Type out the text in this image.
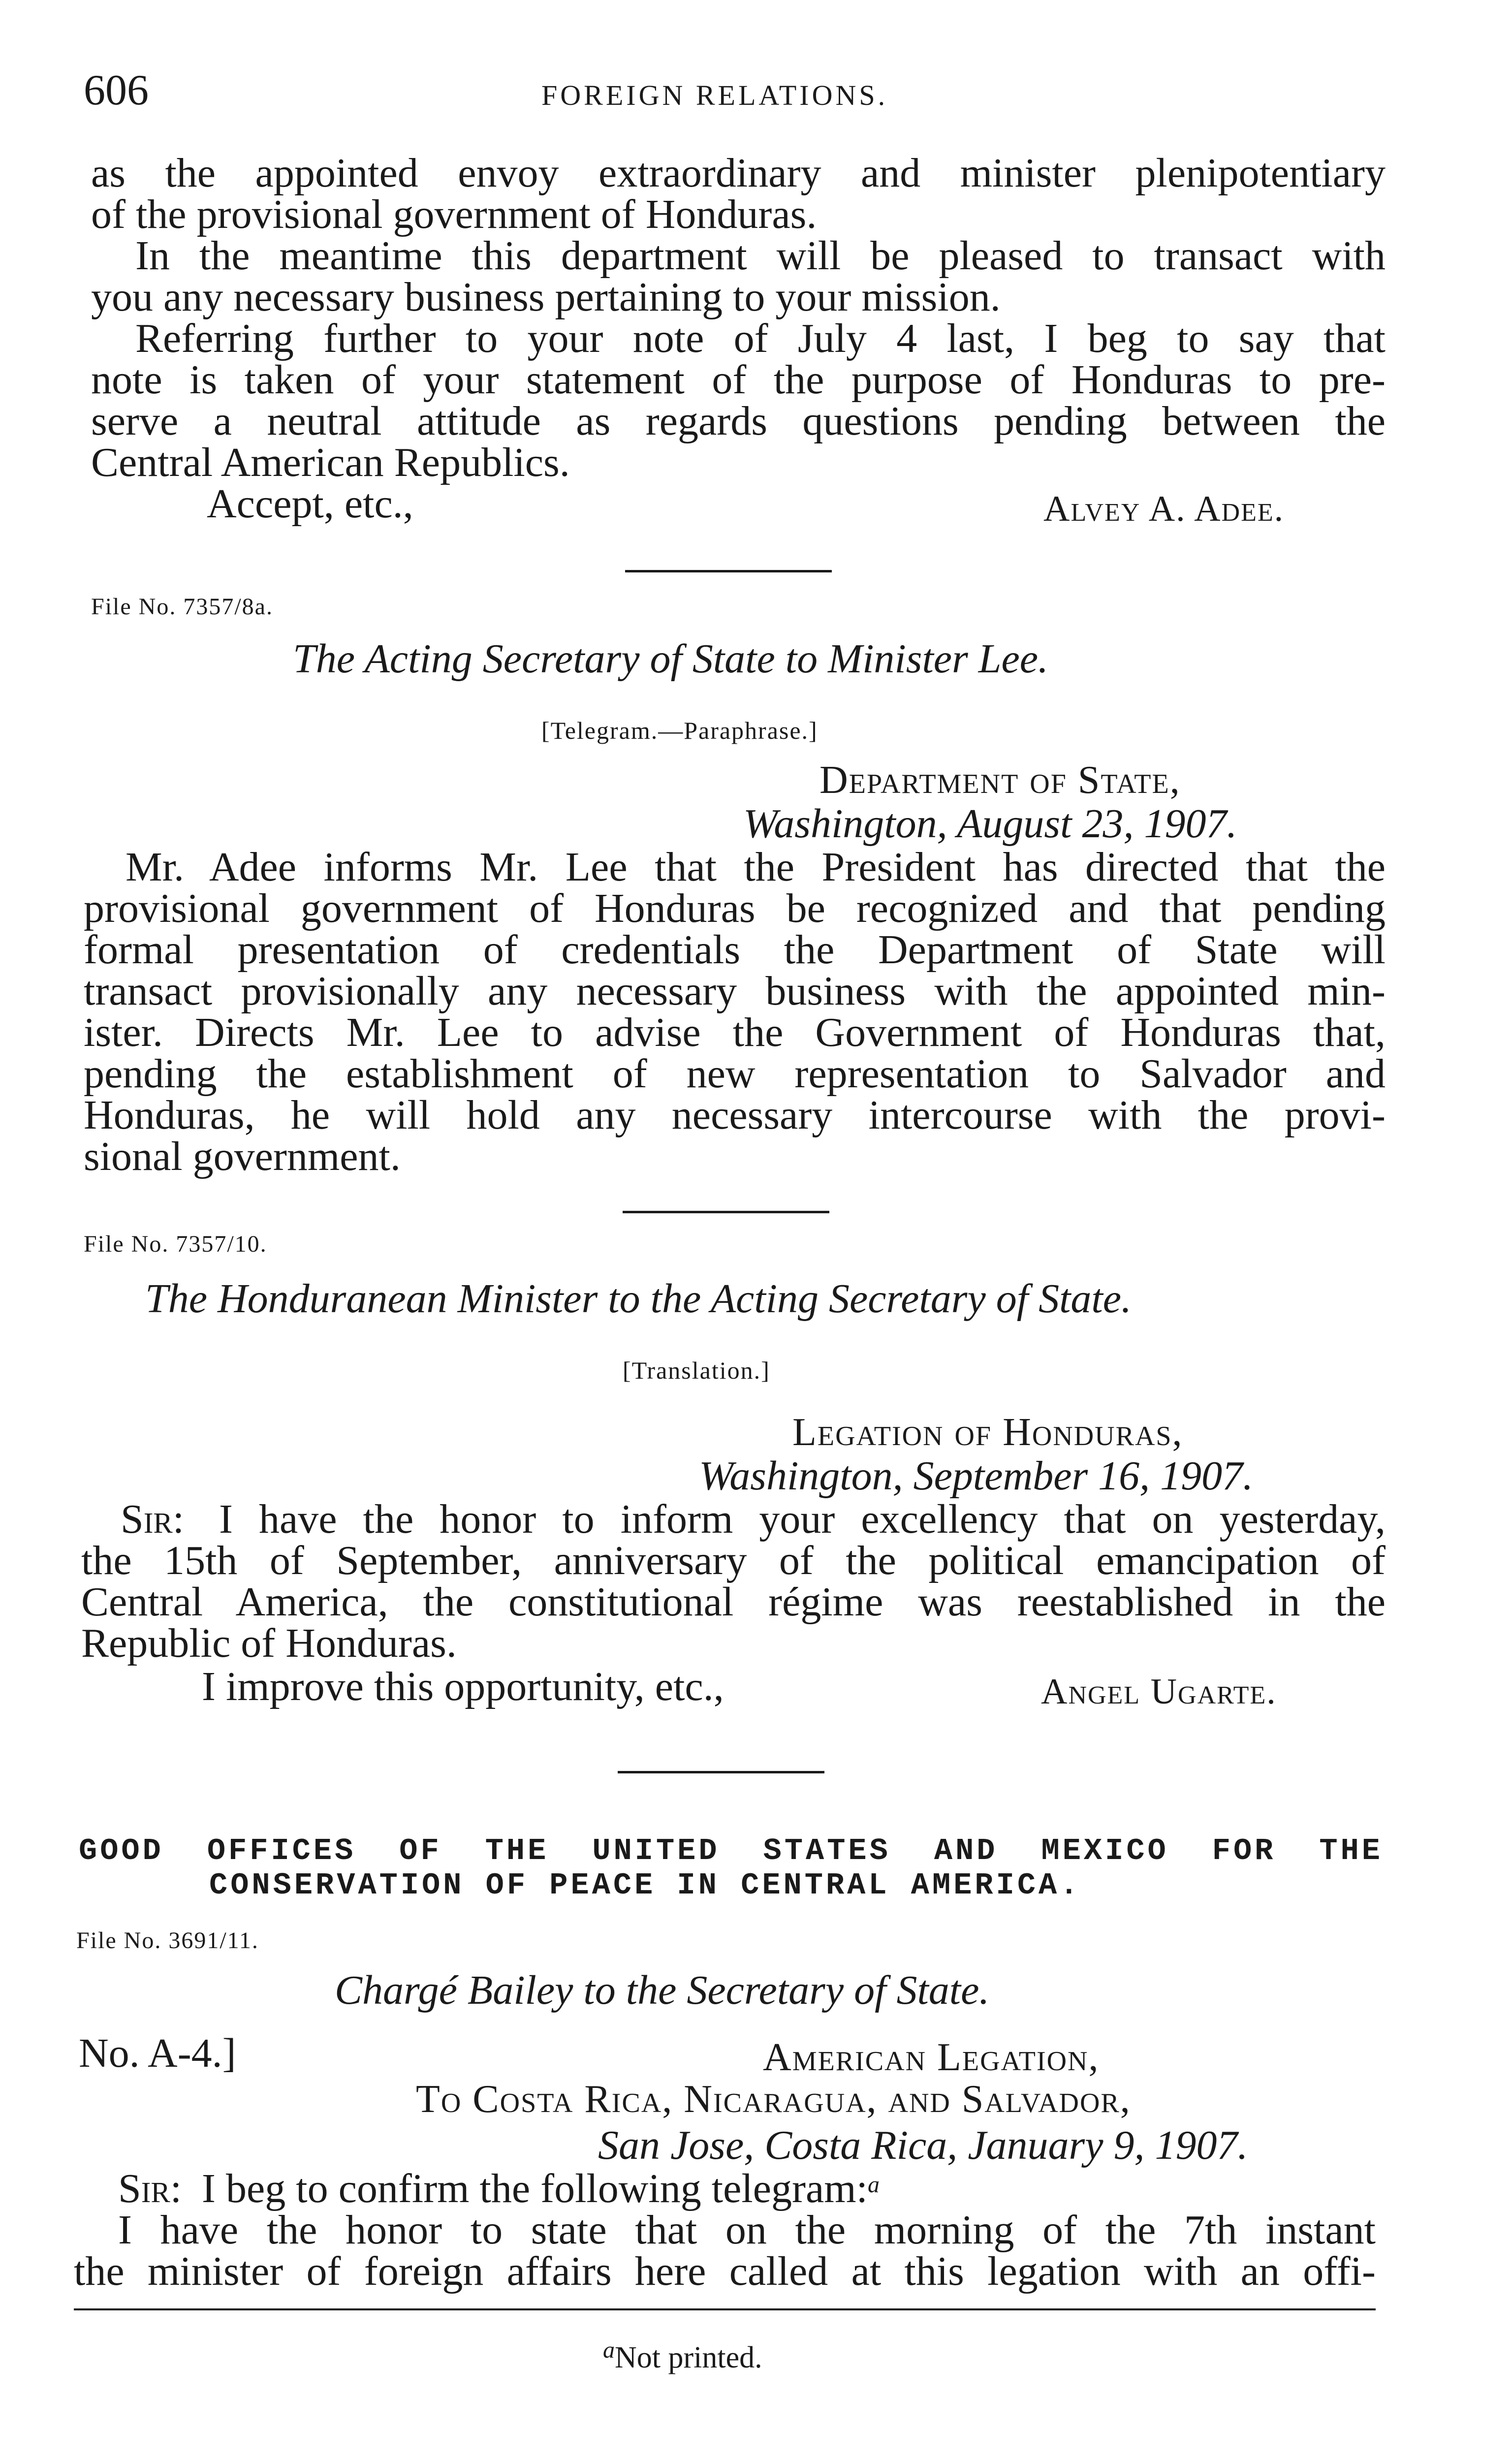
606	FOREIGN RELATIONS.
as the appointed envoy extraordinary and minister plenipotentiary
of the provisional government of Honduras.
In the meantime this department will be pleased to transact with
you any necessary business pertaining to your mission.
Referring further to your note of July 4 last, I beg to say that
note is taken of your statement of the purpose of Honduras to pre-
serve a neutral attitude as regards questions pending between the
Central American Republics.
Accept, etc.,	Alvey A. Adee.
File No. 7357/8a.
The Acting Secretary of State to Minister Lee.
[Telegram.—Paraphrase.]
Department of State,
Washington, August 23, 1907.
Mr. Adee informs Mr. Lee that the President has directed that the
provisional government of Honduras be recognized and that pending
formal presentation of credentials the Department of State will
transact provisionally any necessary business with the appointed min-
ister. Directs Mr. Lee to advise the Government of Honduras that,
pending the establishment of new representation to Salvador and
Honduras, he will hold any necessary intercourse with the provi-
sional government.
File No. 7357/10.
The Honduranean Minister to the Acting Secretary of State.
[Translation.]
Legation of Honduras,
Washington, September 16, 1907.
Sir: I have the honor to inform your excellency that on yesterday,
the 15th of September, anniversary of the political emancipation of
Central America, the constitutional régime was reestablished in the
Republic of Honduras.
I improve this opportunity, etc.,	Angel Ugarte.
GOOD OFFICES OF THE UNITED STATES AND MEXICO FOR THE
CONSERVATION OF PEACE IN CENTRAL AMERICA.
File No. 3691/11.
Chargé Bailey to the Secretary of State.
No. A-4.]	American Legation,
To Costa Rica, Nicaragua, and Salvador,
San Jose, Costa Rica, January 9, 1907.
Sir: I beg to confirm the following telegram:$^a$
I have the honor to state that on the morning of the 7th instant
the minister of foreign affairs here called at this legation with an offi-
$^a$Not printed.
